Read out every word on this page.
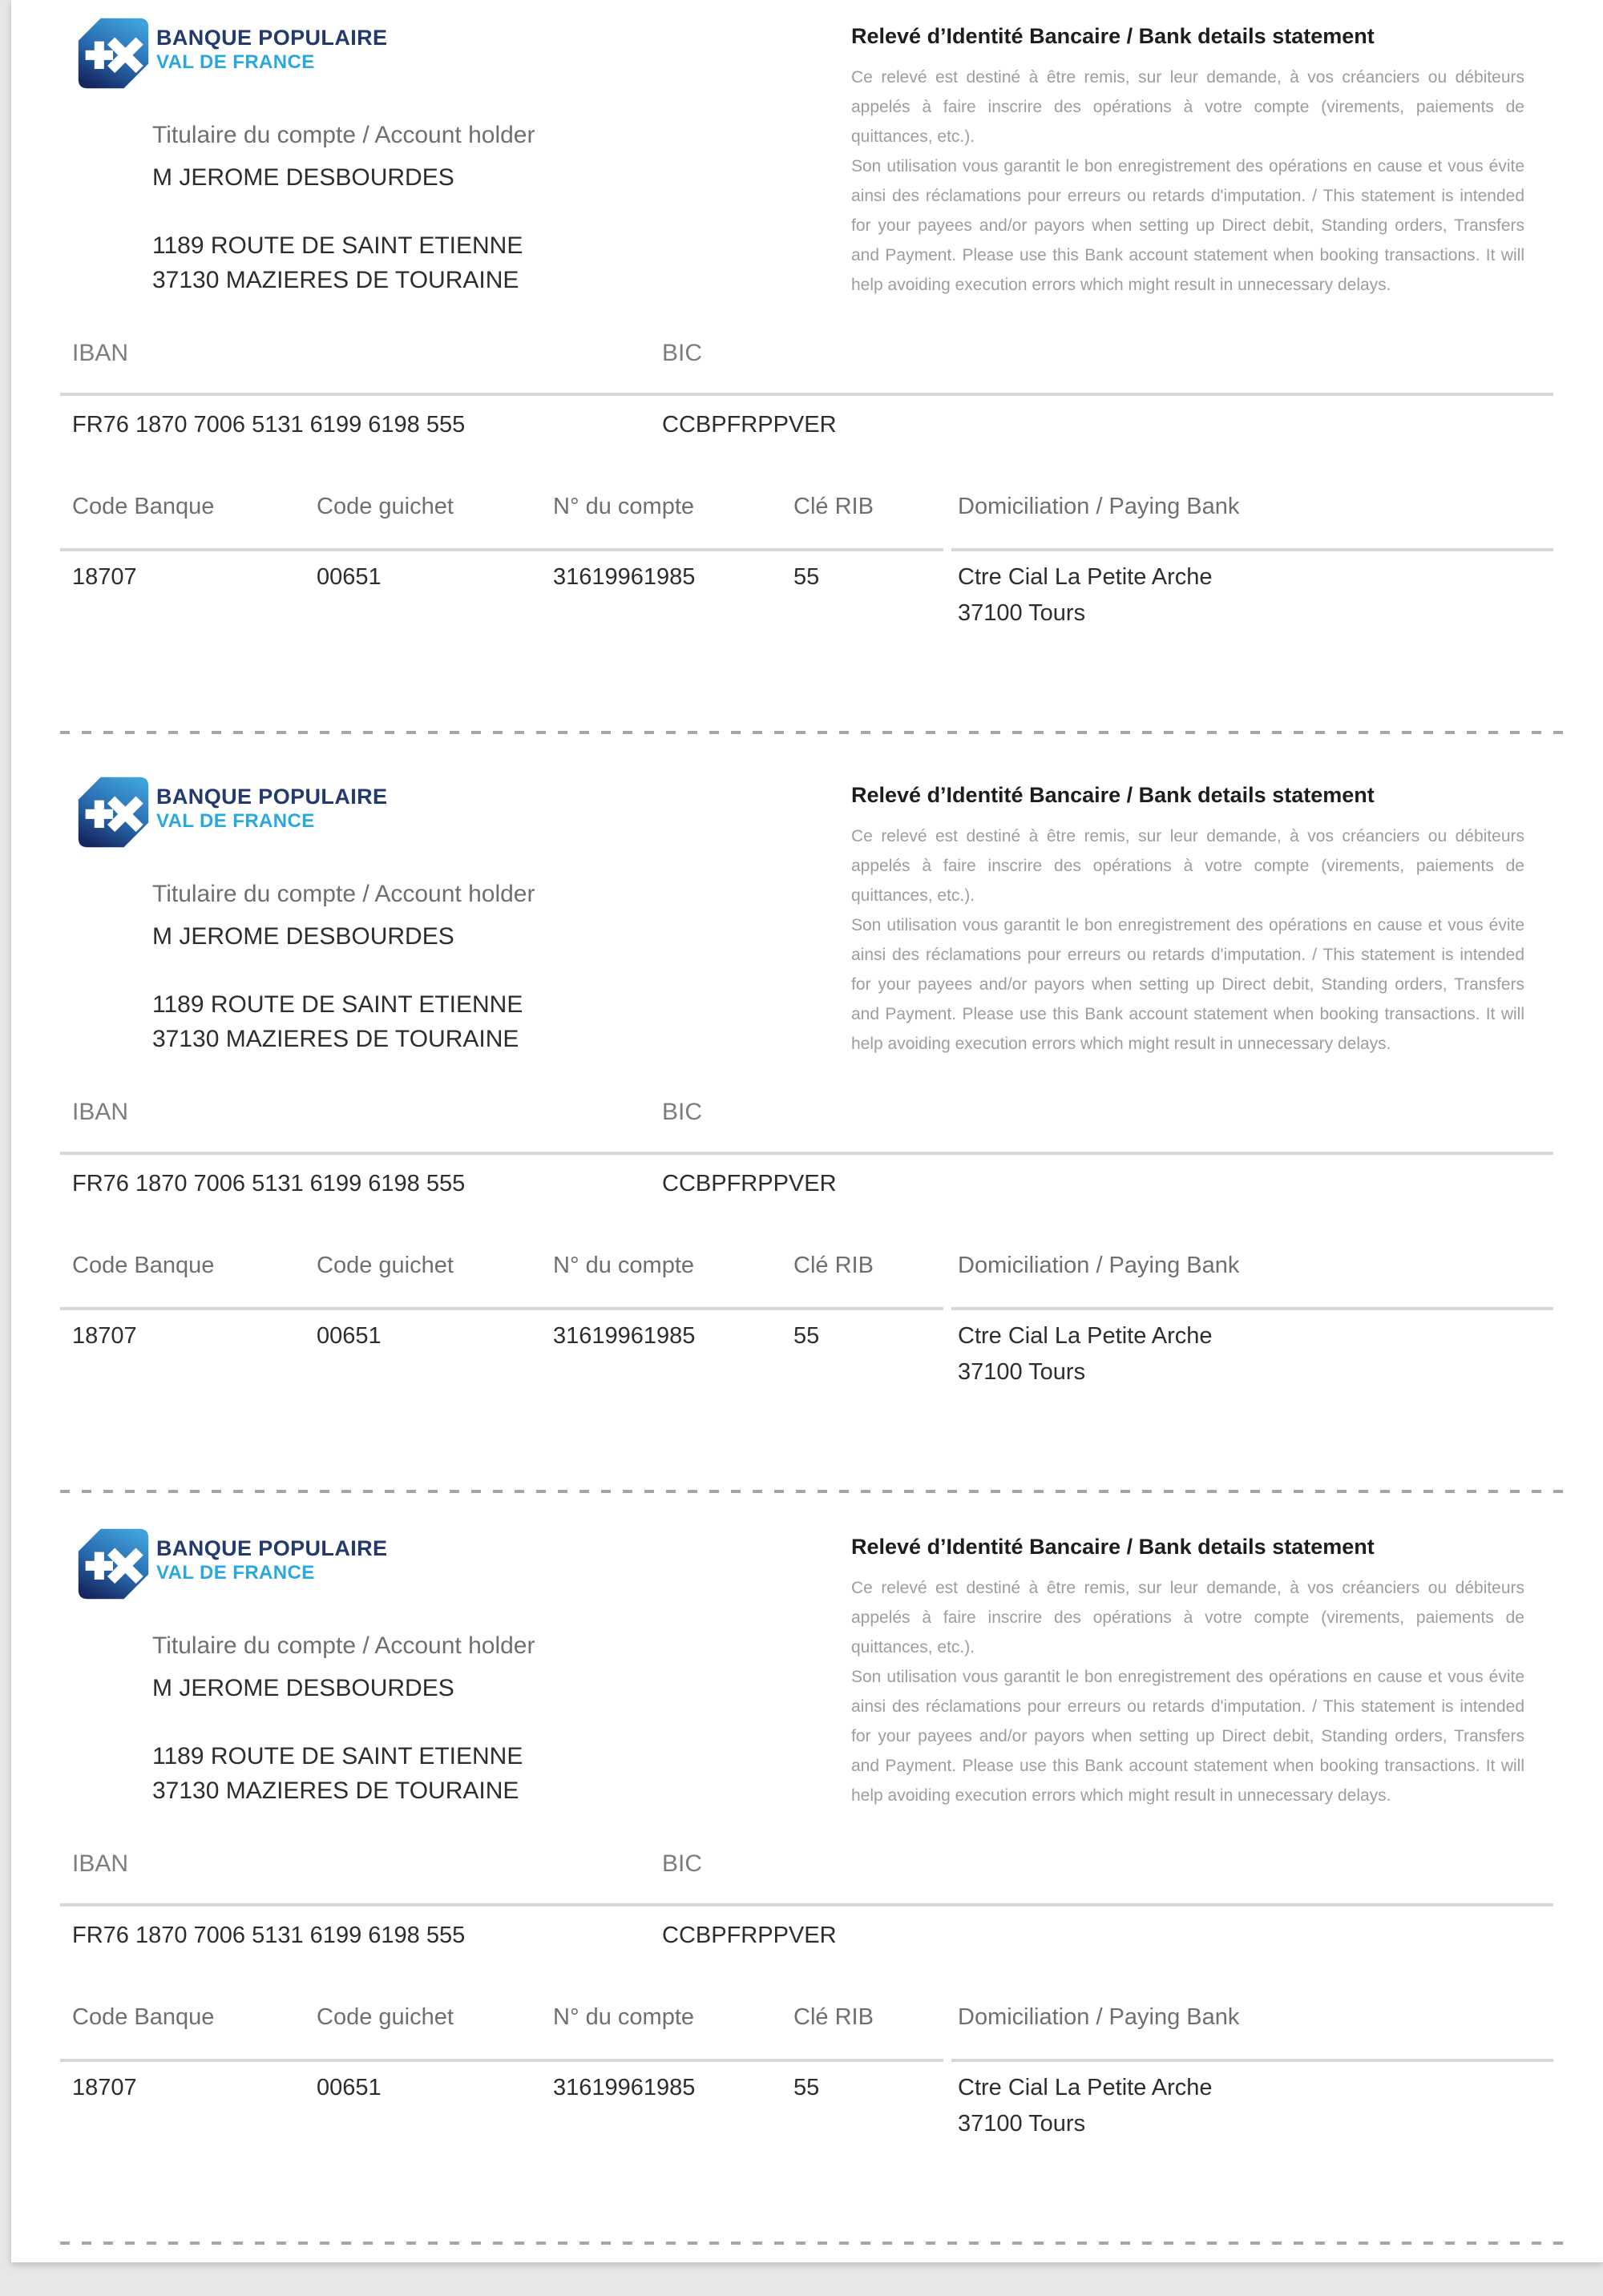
BANQUE POPULAIRE
VAL DE FRANCE
Relevé d’Identité Bancaire / Bank details statement
Ce relevé est destiné à être remis, sur leur demande, à vos créanciers ou débiteurs appelés à faire inscrire des opérations à votre compte (virements, paiements de quittances, etc.).
Son utilisation vous garantit le bon enregistrement des opérations en cause et vous évite ainsi des réclamations pour erreurs ou retards d'imputation. / This statement is intended for your payees and/or payors when setting up Direct debit, Standing orders, Transfers and Payment. Please use this Bank account statement when booking transactions. It will help avoiding execution errors which might result in unnecessary delays.
Titulaire du compte / Account holder
M JEROME DESBOURDES
1189 ROUTE DE SAINT ETIENNE
37130 MAZIERES DE TOURAINE
IBAN	BIC
FR76 1870 7006 5131 6199 6198 555	CCBPFRPPVER
Code Banque	Code guichet	N° du compte	Clé RIB	Domiciliation / Paying Bank
18707	00651	31619961985	55	Ctre Cial La Petite Arche
37100 Tours
BANQUE POPULAIRE
VAL DE FRANCE
Relevé d’Identité Bancaire / Bank details statement
Ce relevé est destiné à être remis, sur leur demande, à vos créanciers ou débiteurs appelés à faire inscrire des opérations à votre compte (virements, paiements de quittances, etc.).
Son utilisation vous garantit le bon enregistrement des opérations en cause et vous évite ainsi des réclamations pour erreurs ou retards d'imputation. / This statement is intended for your payees and/or payors when setting up Direct debit, Standing orders, Transfers and Payment. Please use this Bank account statement when booking transactions. It will help avoiding execution errors which might result in unnecessary delays.
Titulaire du compte / Account holder
M JEROME DESBOURDES
1189 ROUTE DE SAINT ETIENNE
37130 MAZIERES DE TOURAINE
IBAN	BIC
FR76 1870 7006 5131 6199 6198 555	CCBPFRPPVER
Code Banque	Code guichet	N° du compte	Clé RIB	Domiciliation / Paying Bank
18707	00651	31619961985	55	Ctre Cial La Petite Arche
37100 Tours
BANQUE POPULAIRE
VAL DE FRANCE
Relevé d’Identité Bancaire / Bank details statement
Ce relevé est destiné à être remis, sur leur demande, à vos créanciers ou débiteurs appelés à faire inscrire des opérations à votre compte (virements, paiements de quittances, etc.).
Son utilisation vous garantit le bon enregistrement des opérations en cause et vous évite ainsi des réclamations pour erreurs ou retards d'imputation. / This statement is intended for your payees and/or payors when setting up Direct debit, Standing orders, Transfers and Payment. Please use this Bank account statement when booking transactions. It will help avoiding execution errors which might result in unnecessary delays.
Titulaire du compte / Account holder
M JEROME DESBOURDES
1189 ROUTE DE SAINT ETIENNE
37130 MAZIERES DE TOURAINE
IBAN	BIC
FR76 1870 7006 5131 6199 6198 555	CCBPFRPPVER
Code Banque	Code guichet	N° du compte	Clé RIB	Domiciliation / Paying Bank
18707	00651	31619961985	55	Ctre Cial La Petite Arche
37100 Tours
